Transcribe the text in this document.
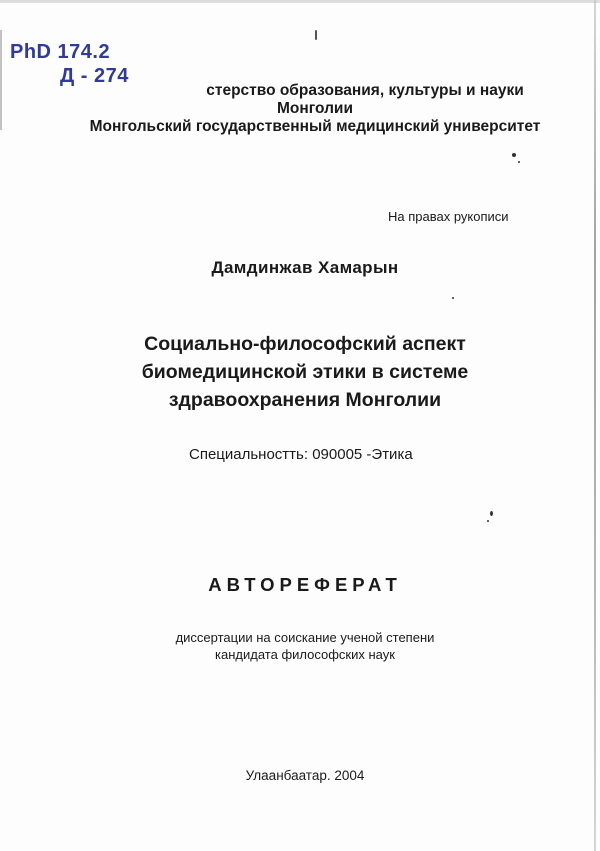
PhD 174.2
Д - 274
стерство образования, культуры и науки
Монголии
Монгольский государственный медицинский университет
На правах рукописи
Дамдинжав Хамарын
Социально-философский аспект
биомедицинской этики в системе
здравоохранения Монголии
Специальностть: 090005 -Этика
АВТОРЕФЕРАТ
диссертации на соискание ученой степени
кандидата философских наук
Улаанбаатар. 2004
